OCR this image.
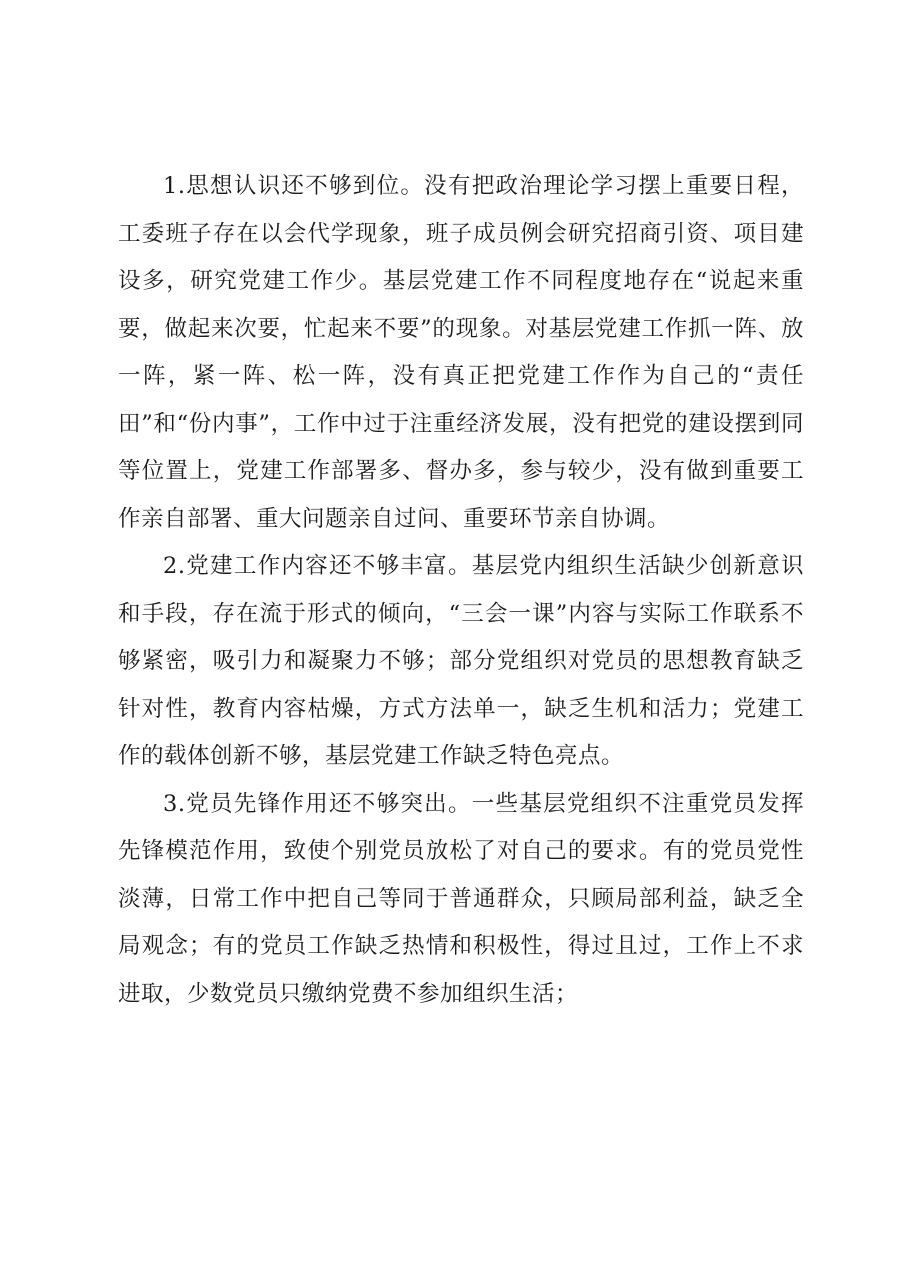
1.思想认识还不够到位。没有把政治理论学习摆上重要日程，工委班子存在以会代学现象，班子成员例会研究招商引资、项目建设多，研究党建工作少。基层党建工作不同程度地存在“说起来重要，做起来次要，忙起来不要”的现象。对基层党建工作抓一阵、放一阵，紧一阵、松一阵，没有真正把党建工作作为自己的“责任田”和“份内事”，工作中过于注重经济发展，没有把党的建设摆到同等位置上，党建工作部署多、督办多，参与较少，没有做到重要工作亲自部署、重大问题亲自过问、重要环节亲自协调。

2.党建工作内容还不够丰富。基层党内组织生活缺少创新意识和手段，存在流于形式的倾向，“三会一课”内容与实际工作联系不够紧密，吸引力和凝聚力不够；部分党组织对党员的思想教育缺乏针对性，教育内容枯燥，方式方法单一，缺乏生机和活力；党建工作的载体创新不够，基层党建工作缺乏特色亮点。

3.党员先锋作用还不够突出。一些基层党组织不注重党员发挥先锋模范作用，致使个别党员放松了对自己的要求。有的党员党性淡薄，日常工作中把自己等同于普通群众，只顾局部利益，缺乏全局观念；有的党员工作缺乏热情和积极性，得过且过，工作上不求进取，少数党员只缴纳党费不参加组织生活；
